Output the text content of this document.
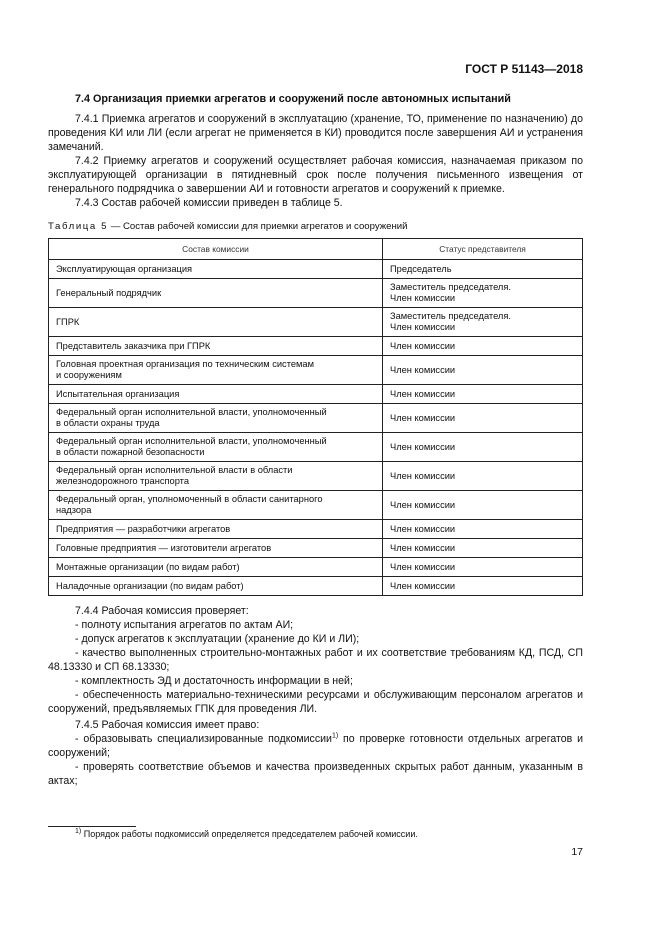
ГОСТ Р 51143—2018

7.4 Организация приемки агрегатов и сооружений после автономных испытаний

7.4.1 Приемка агрегатов и сооружений в эксплуатацию (хранение, ТО, применение по назначению) до проведения КИ или ЛИ (если агрегат не применяется в КИ) проводится после завершения АИ и устранения замечаний.

7.4.2 Приемку агрегатов и сооружений осуществляет рабочая комиссия, назначаемая приказом по эксплуатирующей организации в пятидневный срок после получения письменного извещения от генерального подрядчика о завершении АИ и готовности агрегатов и сооружений к приемке.

7.4.3 Состав рабочей комиссии приведен в таблице 5.

Таблица 5 — Состав рабочей комиссии для приемки агрегатов и сооружений
Состав комиссии	Статус представителя
Эксплуатирующая организация	Председатель
Генеральный подрядчик	Заместитель председателя.
Член комиссии
ГПРК	Заместитель председателя.
Член комиссии
Представитель заказчика при ГПРК	Член комиссии
Головная проектная организация по техническим системам
и сооружениям	Член комиссии
Испытательная организация	Член комиссии
Федеральный орган исполнительной власти, уполномоченный
в области охраны труда	Член комиссии
Федеральный орган исполнительной власти, уполномоченный
в области пожарной безопасности	Член комиссии
Федеральный орган исполнительной власти в области
железнодорожного транспорта	Член комиссии
Федеральный орган, уполномоченный в области санитарного
надзора	Член комиссии
Предприятия — разработчики агрегатов	Член комиссии
Головные предприятия — изготовители агрегатов	Член комиссии
Монтажные организации (по видам работ)	Член комиссии
Наладочные организации (по видам работ)	Член комиссии

7.4.4 Рабочая комиссия проверяет:

- полноту испытания агрегатов по актам АИ;

- допуск агрегатов к эксплуатации (хранение до КИ и ЛИ);

- качество выполненных строительно-монтажных работ и их соответствие требованиям КД, ПСД, СП 48.13330 и СП 68.13330;

- комплектность ЭД и достаточность информации в ней;

- обеспеченность материально-техническими ресурсами и обслуживающим персоналом агрегатов и сооружений, предъявляемых ГПК для проведения ЛИ.

7.4.5 Рабочая комиссия имеет право:

- образовывать специализированные подкомиссии$^{1)}$ по проверке готовности отдельных агрегатов и сооружений;

- проверять соответствие объемов и качества произведенных скрытых работ данным, указанным в актах;

$^{1)}$ Порядок работы подкомиссий определяется председателем рабочей комиссии.
17
